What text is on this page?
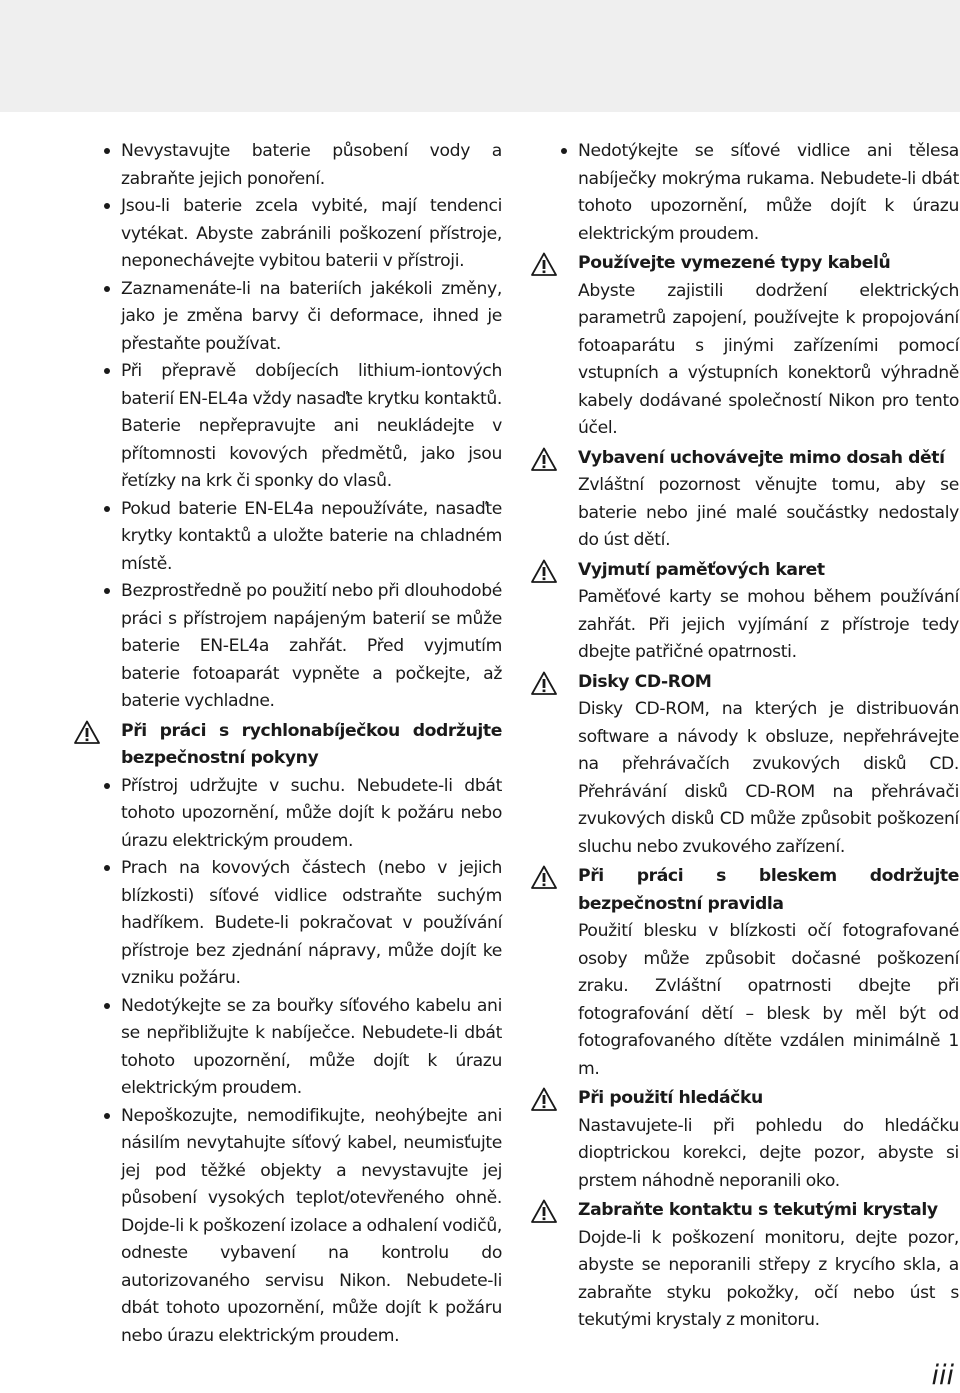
Nevystavujte baterie působení vody a zabraňte jejich ponoření.

Jsou-li baterie zcela vybité, mají tendenci vytékat. Abyste zabránili poškození přístroje, neponechávejte vybitou baterii v přístroji.

Zaznamenáte-li na bateriích jakékoli změny, jako je změna barvy či deformace, ihned je přestaňte používat.

Při přepravě dobíjecích lithium-iontových baterií EN-EL4a vždy nasaďte krytku kontaktů.

Baterie nepřepravujte ani neukládejte v přítomnosti kovových předmětů, jako jsou řetízky na krk či sponky do vlasů.

Pokud baterie EN-EL4a nepoužíváte, nasaďte krytky kontaktů a uložte baterie na chladném místě.

Bezprostředně po použití nebo při dlouhodobé práci s přístrojem napájeným baterií se může baterie EN-EL4a zahřát. Před vyjmutím baterie fotoaparát vypněte a počkejte, až baterie vychladne.

Při práci s rychlonabíječkou dodržujte bezpečnostní pokyny

Přístroj udržujte v suchu. Nebudete-li dbát tohoto upozornění, může dojít k požáru nebo úrazu elektrickým proudem.

Prach na kovových částech (nebo v jejich blízkosti) síťové vidlice odstraňte suchým hadříkem. Budete-li pokračovat v používání přístroje bez zjednání nápravy, může dojít ke vzniku požáru.

Nedotýkejte se za bouřky síťového kabelu ani se nepřibližujte k nabíječce. Nebudete-li dbát tohoto upozornění, může dojít k úrazu elektrickým proudem.

Nepoškozujte, nemodifikujte, neohýbejte ani násilím nevytahujte síťový kabel, neumisťujte jej pod těžké objekty a nevystavujte jej působení vysokých teplot/otevřeného ohně. Dojde-li k poškození izolace a odhalení vodičů, odneste vybavení na kontrolu do autorizovaného servisu Nikon. Nebudete-li dbát tohoto upozornění, může dojít k požáru nebo úrazu elektrickým proudem.

Nedotýkejte se síťové vidlice ani tělesa nabíječky mokrýma rukama. Nebudete-li dbát tohoto upozornění, může dojít k úrazu elektrickým proudem.

Používejte vymezené typy kabelů

Abyste zajistili dodržení elektrických parametrů zapojení, používejte k propojování fotoaparátu s jinými zařízeními pomocí vstupních a výstupních konektorů výhradně kabely dodávané společností Nikon pro tento účel.

Vybavení uchovávejte mimo dosah dětí

Zvláštní pozornost věnujte tomu, aby se baterie nebo jiné malé součástky nedostaly do úst dětí.

Vyjmutí paměťových karet

Paměťové karty se mohou během používání zahřát. Při jejich vyjímání z přístroje tedy dbejte patřičné opatrnosti.

Disky CD-ROM

Disky CD-ROM, na kterých je distribuován software a návody k obsluze, nepřehrávejte na přehrávačích zvukových disků CD. Přehrávání disků CD-ROM na přehrávači zvukových disků CD může způsobit poškození sluchu nebo zvukového zařízení.

Při práci s bleskem dodržujte bezpečnostní pravidla

Použití blesku v blízkosti očí fotografované osoby může způsobit dočasné poškození zraku. Zvláštní opatrnosti dbejte při fotografování dětí – blesk by měl být od fotografovaného dítěte vzdálen minimálně 1 m.

Při použití hledáčku

Nastavujete-li při pohledu do hledáčku dioptrickou korekci, dejte pozor, abyste si prstem náhodně neporanili oko.

Zabraňte kontaktu s tekutými krystaly

Dojde-li k poškození monitoru, dejte pozor, abyste se neporanili střepy z krycího skla, a zabraňte styku pokožky, očí nebo úst s tekutými krystaly z monitoru.

iii
